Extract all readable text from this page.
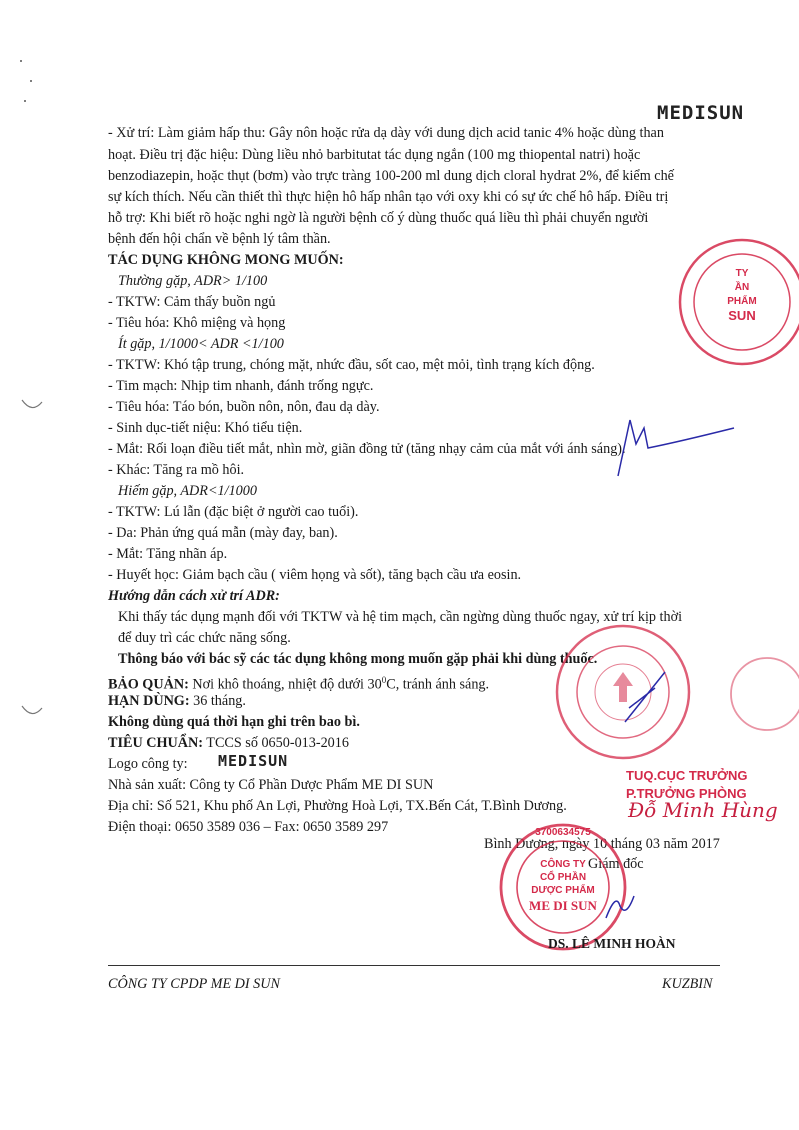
MEDISUN
- Xử trí: Làm giảm hấp thu: Gây nôn hoặc rửa dạ dày với dung dịch acid tanic 4% hoặc dùng than
hoạt. Điều trị đặc hiệu: Dùng liều nhỏ barbitutat tác dụng ngắn (100 mg thiopental natri) hoặc
benzodiazepin, hoặc thụt (bơm) vào trực tràng 100-200 ml dung dịch cloral hydrat 2%, để kiểm chế
sự kích thích. Nếu cần thiết thì thực hiện hô hấp nhân tạo với oxy khi có sự ức chế hô hấp. Điều trị
hỗ trợ: Khi biết rõ hoặc nghi ngờ là người bệnh cố ý dùng thuốc quá liều thì phải chuyển người
bệnh đến hội chẩn về bệnh lý tâm thần.
TÁC DỤNG KHÔNG MONG MUỐN:
Thường gặp, ADR> 1/100
- TKTW: Cảm thấy buồn ngủ
- Tiêu hóa: Khô miệng và họng
Ít gặp, 1/1000< ADR <1/100
- TKTW: Khó tập trung, chóng mặt, nhức đầu, sốt cao, mệt mỏi, tình trạng kích động.
- Tim mạch: Nhịp tim nhanh, đánh trống ngực.
- Tiêu hóa: Táo bón, buồn nôn, nôn, đau dạ dày.
- Sinh dục-tiết niệu: Khó tiểu tiện.
- Mắt: Rối loạn điều tiết mắt, nhìn mờ, giãn đồng tử (tăng nhạy cảm của mắt với ánh sáng).
- Khác: Tăng ra mồ hôi.
Hiếm gặp, ADR<1/1000
- TKTW: Lú lẫn (đặc biệt ở người cao tuổi).
- Da: Phản ứng quá mẫn (mày đay, ban).
- Mắt: Tăng nhãn áp.
- Huyết học: Giảm bạch cầu ( viêm họng và sốt), tăng bạch cầu ưa eosin.
Hướng dẫn cách xử trí ADR:
Khi thấy tác dụng mạnh đối với TKTW và hệ tim mạch, cần ngừng dùng thuốc ngay, xử trí kịp thời
để duy trì các chức năng sống.
Thông báo với bác sỹ các tác dụng không mong muốn gặp phải khi dùng thuốc.
BẢO QUẢN: Nơi khô thoáng, nhiệt độ dưới $30^0C$, tránh ánh sáng.
HẠN DÙNG: 36 tháng.
Không dùng quá thời hạn ghi trên bao bì.
TIÊU CHUẨN: TCCS số 0650-013-2016
Logo công ty: MEDISUN
Nhà sản xuất: Công ty Cổ Phần Dược Phẩm ME DI SUN
Địa chỉ: Số 521, Khu phố An Lợi, Phường Hoà Lợi, TX.Bến Cát, T.Bình Dương.
Điện thoại: 0650 3589 036 – Fax: 0650 3589 297
TY
ẦN
PHẨM
SUN
TUQ.CỤC TRƯỞNG
P.TRƯỞNG PHÒNG
Đỗ Minh Hùng
Bình Dương, ngày 10 tháng 03 năm 2017
Giám đốc
3700634575
CÔNG TY
CỔ PHẦN
DƯỢC PHẨM
ME DI SUN
DS. LÊ MINH HOÀN
CÔNG TY CPDP ME DI SUN	KUZBIN
